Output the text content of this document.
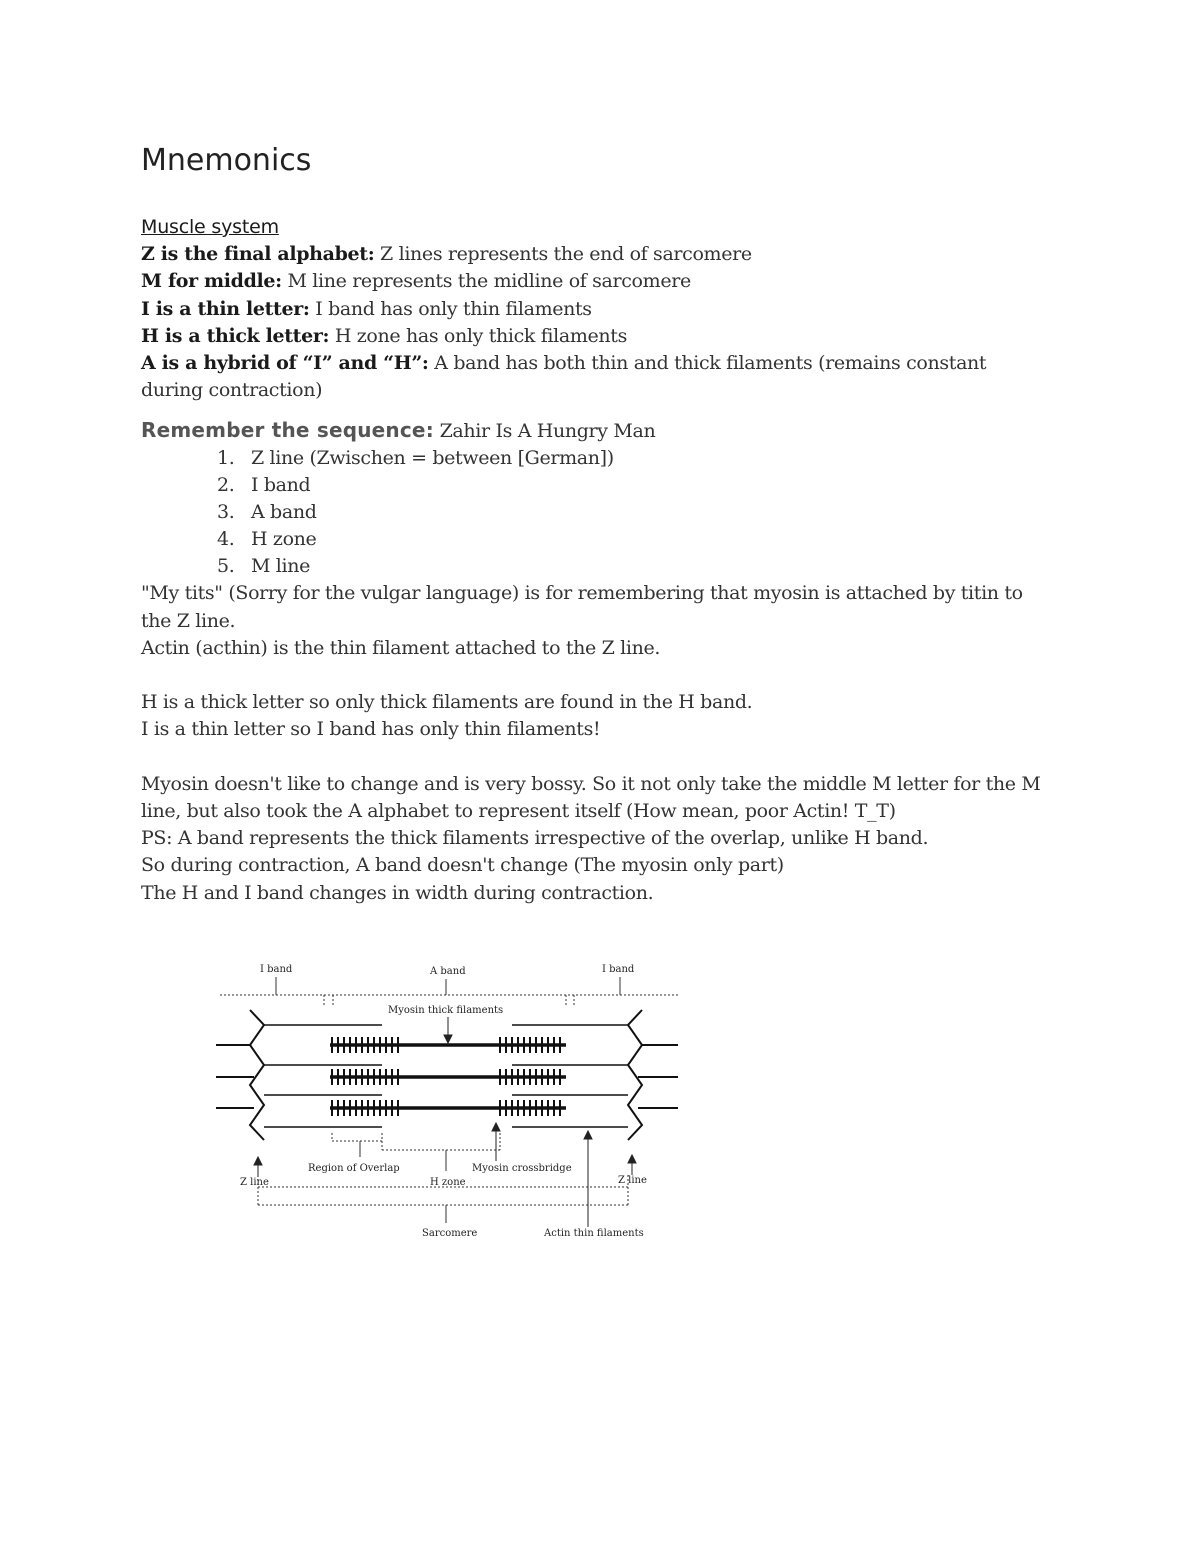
Mnemonics
Muscle system
Z is the final alphabet: Z lines represents the end of sarcomere
M for middle: M line represents the midline of sarcomere
I is a thin letter: I band has only thin filaments
H is a thick letter: H zone has only thick filaments
A is a hybrid of “I” and “H”: A band has both thin and thick filaments (remains constant
during contraction)
Remember the sequence: Zahir Is A Hungry Man
1. Z line (Zwischen = between [German])
2. I band
3. A band
4. H zone
5. M line
"My tits" (Sorry for the vulgar language) is for remembering that myosin is attached by titin to
the Z line.
Actin (acthin) is the thin filament attached to the Z line.
H is a thick letter so only thick filaments are found in the H band.
I is a thin letter so I band has only thin filaments!
Myosin doesn't like to change and is very bossy. So it not only take the middle M letter for the M
line, but also took the A alphabet to represent itself (How mean, poor Actin! T_T)
PS: A band represents the thick filaments irrespective of the overlap, unlike H band.
So during contraction, A band doesn't change (The myosin only part)
The H and I band changes in width during contraction.
I band	A band	I band
Myosin thick filaments
Region of Overlap	Myosin crossbridge
Z line	H zone	Z line
Sarcomere	Actin thin filaments
